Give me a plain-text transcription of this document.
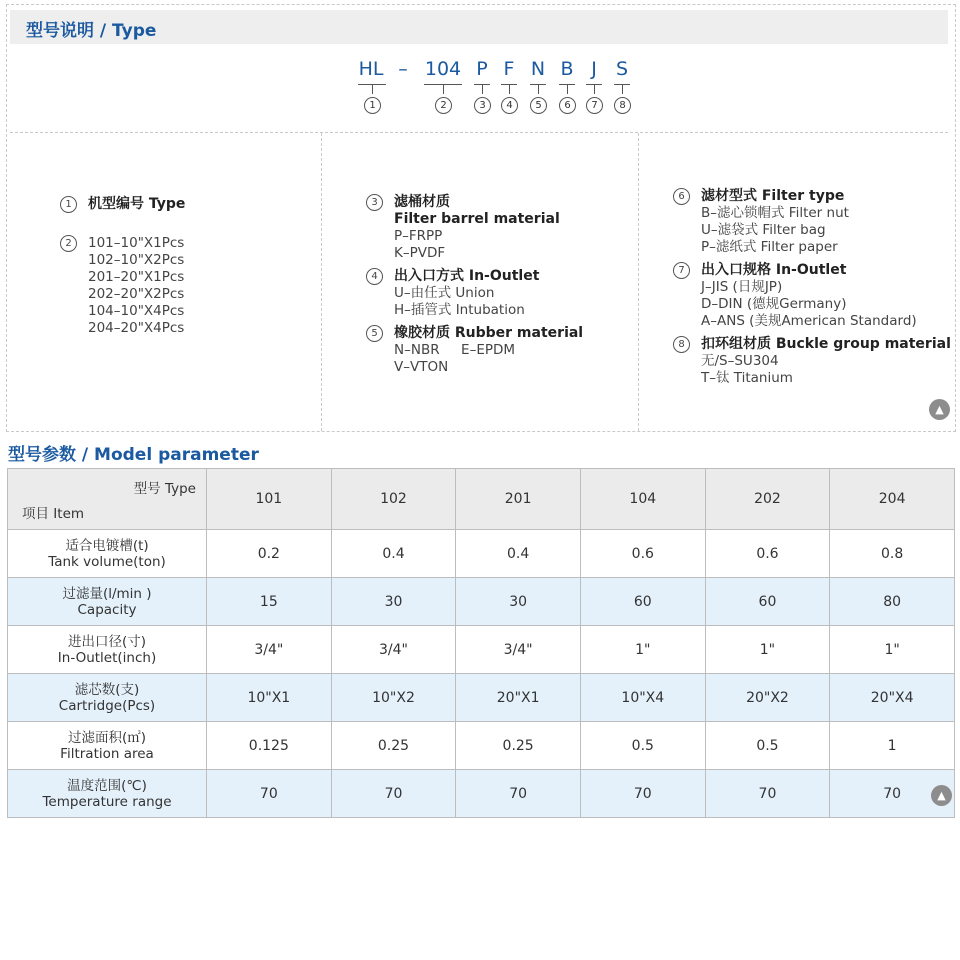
型号说明 / Type
HL – 104 P F N B J	S
1	2	3	4	5	6	7	8
1	机型编号 Type
2	101–10"X1Pcs
102–10"X2Pcs
201–20"X1Pcs
202–20"X2Pcs
104–10"X4Pcs
204–20"X4Pcs
3	滤桶材质
Filter barrel material
P–FRPP
K–PVDF
4	出入口方式 In-Outlet
U–由任式 Union
H–插管式 Intubation
5	橡胶材质 Rubber material
N–NBR     E–EPDM
V–VTON
6	滤材型式 Filter type
B–滤心锁帽式 Filter nut
U–滤袋式 Filter bag
P–滤纸式 Filter paper
7	出入口规格 In-Outlet
J–JIS (日规JP)
D–DIN (德规Germany)
A–ANS (美规American Standard)
8	扣环组材质 Buckle group material
无/S–SU304
T–钛 Titanium
▲
型号参数 / Model parameter
型号 Type
项目 Item	101	102	201	104	202	204

适合电镀槽(t)
Tank volume(ton)	0.2	0.4	0.4	0.6	0.6	0.8

过滤量(l/min )
Capacity	15	30	30	60	60	80

进出口径(寸)
In-Outlet(inch)	3/4"	3/4"	3/4"	1"	1"	1"

滤芯数(支)
Cartridge(Pcs)	10"X1	10"X2	20"X1	10"X4	20"X2	20"X4

过滤面积(㎡)
Filtration area	0.125	0.25	0.25	0.5	0.5	1

温度范围(℃)
Temperature range	70	70	70	70	70	70	▲
